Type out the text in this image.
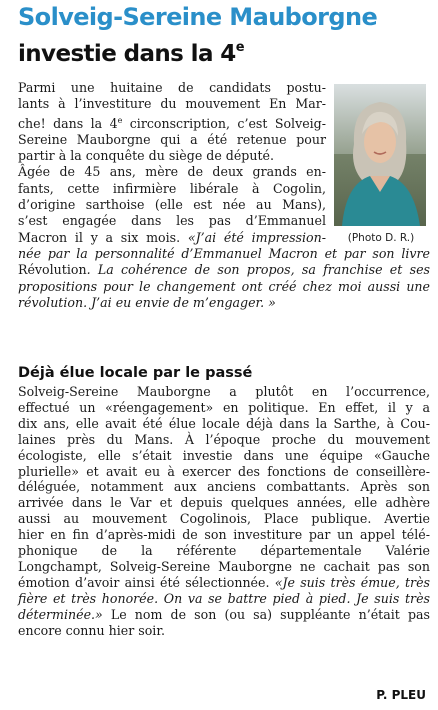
Solveig-Sereine Mauborgne
investie dans la 4e
Parmi une huitaine de candidats postu-
lants à l’investiture du mouvement En Mar-
che! dans la 4e circonscription, c’est Solveig-
Sereine Mauborgne qui a été retenue pour
partir à la conquête du siège de député.
Âgée de 45 ans, mère de deux grands en-
fants, cette infirmière libérale à Cogolin,
d’origine sarthoise (elle est née au Mans),
s’est engagée dans les pas d’Emmanuel
Macron il y a six mois. «J’ai été impression-
née par la personnalité d’Emmanuel Macron et par son livre
Révolution. La cohérence de son propos, sa franchise et ses
propositions pour le changement ont créé chez moi aussi une
révolution. J’ai eu envie de m’engager. »
(Photo D. R.)
Déjà élue locale par le passé
Solveig-Sereine Mauborgne a plutôt en l’occurrence,
effectué un «réengagement» en politique. En effet, il y a
dix ans, elle avait été élue locale déjà dans la Sarthe, à Cou-
laines près du Mans. À l’époque proche du mouvement
écologiste, elle s’était investie dans une équipe «Gauche
plurielle» et avait eu à exercer des fonctions de conseillère-
déléguée, notamment aux anciens combattants. Après son
arrivée dans le Var et depuis quelques années, elle adhère
aussi au mouvement Cogolinois, Place publique. Avertie
hier en fin d’après-midi de son investiture par un appel télé-
phonique de la référente départementale Valérie
Longchampt, Solveig-Sereine Mauborgne ne cachait pas son
émotion d’avoir ainsi été sélectionnée. «Je suis très émue, très
fière et très honorée. On va se battre pied à pied. Je suis très
déterminée.» Le nom de son (ou sa) suppléante n’était pas
encore connu hier soir.
P. PLEU
